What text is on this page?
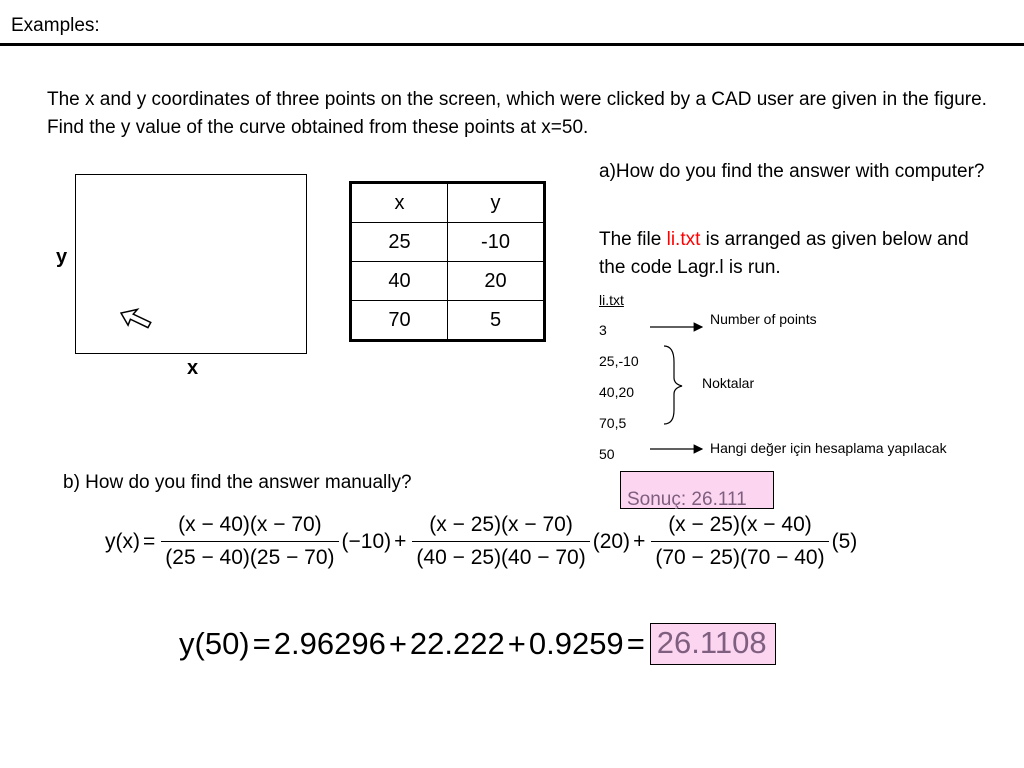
Examples:
The x and y coordinates of three points on the screen, which were clicked by a CAD user are given in the figure. Find the y value of the curve obtained from these points at x=50.
y
x
x	y
25	-10
40	20
70	5
a)How do you find the answer with computer?
The file li.txt is arranged as given below and the code Lagr.l is run.
li.txt
3
25,-10
40,20
70,5
50
Number of points
Noktalar
Hangi değer için hesaplama yapılacak
Sonuç: 26.111
b) How do you find the answer manually?
$y(x) = \frac{(x - 40)(x - 70)}{(25 - 40)(25 - 70)} (-10) + \frac{(x - 25)(x - 70)}{(40 - 25)(40 - 70)} (20) + \frac{(x - 25)(x - 40)}{(70 - 25)(70 - 40)} (5)$
y(50) = 2.96296 + 22.222 + 0.9259 = 26.1108
